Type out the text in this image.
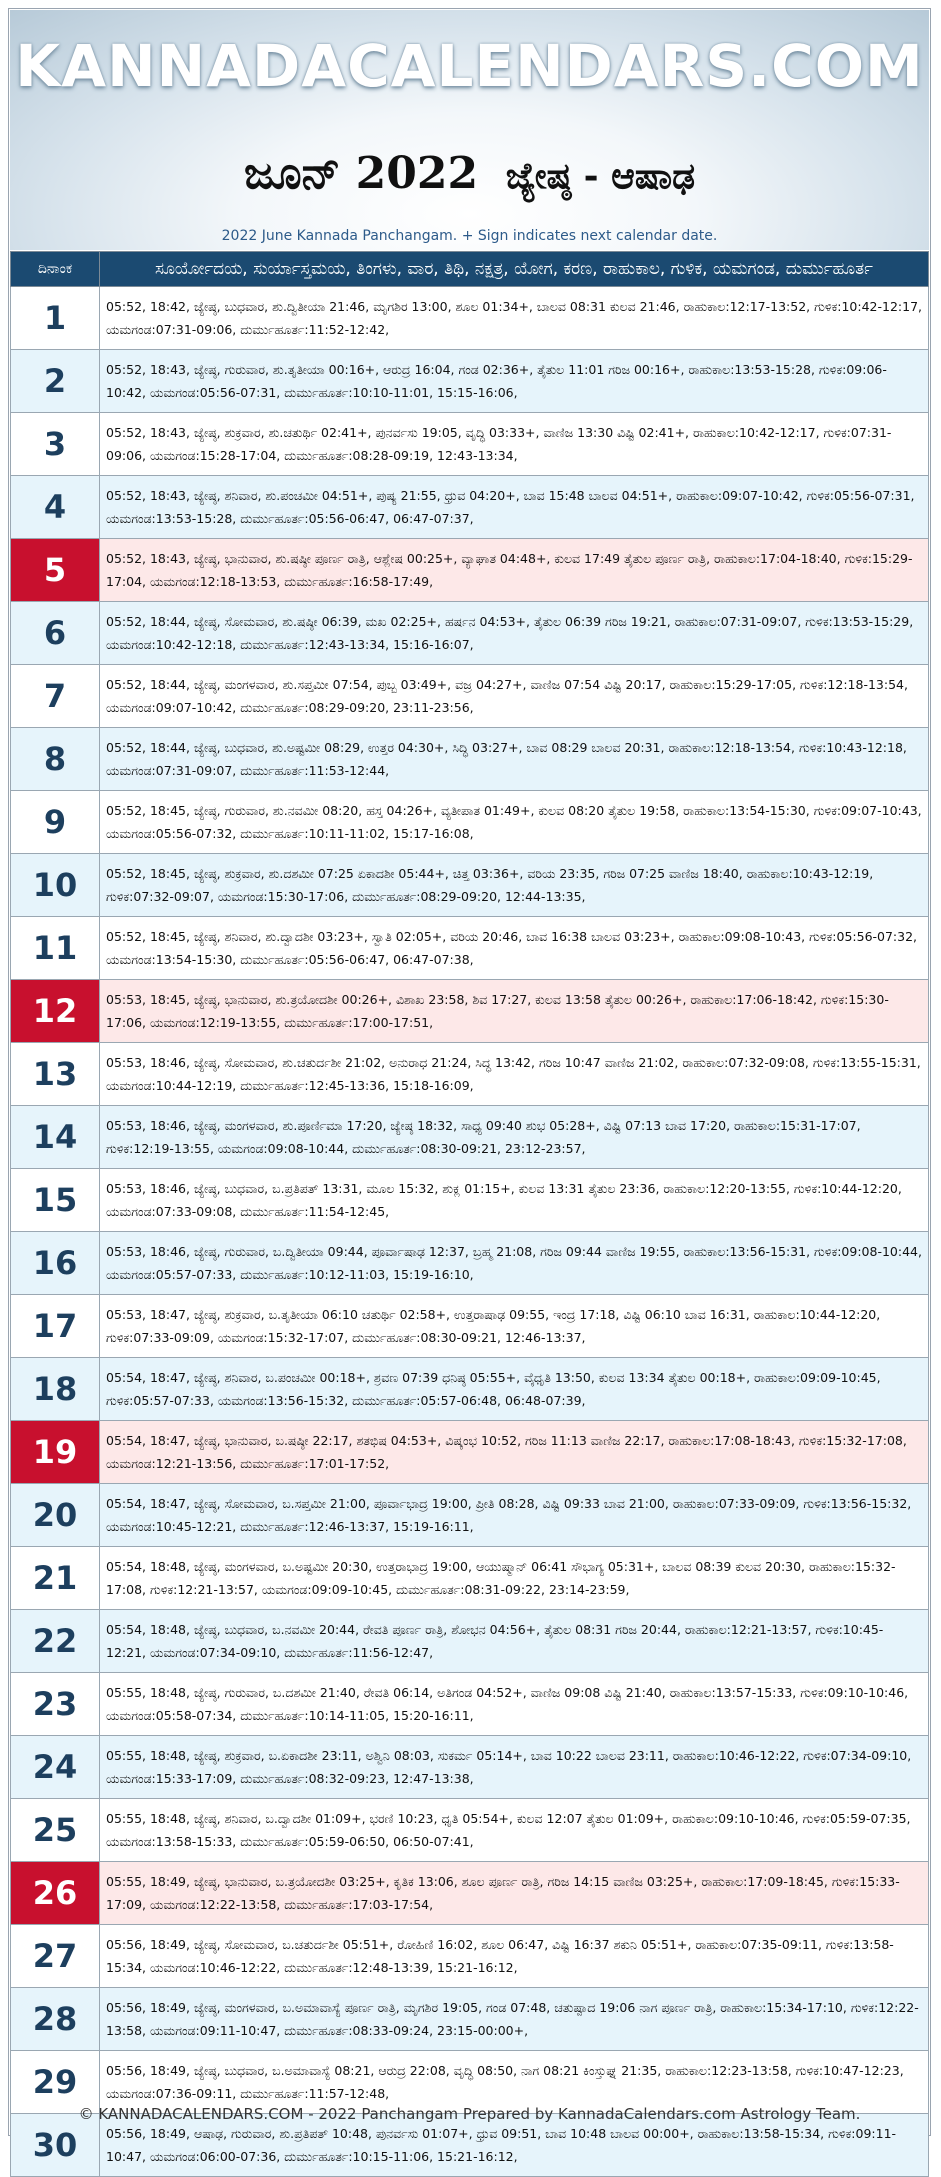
KANNADACALENDARS.COM
ಜೂನ್ 2022 ಜ್ಯೇಷ್ಠ - ಆಷಾಢ
2022 June Kannada Panchangam. + Sign indicates next calendar date.
ದಿನಾಂಕ	ಸೂರ್ಯೋದಯ, ಸುರ್ಯಾಸ್ತಮಯ, ತಿಂಗಳು, ವಾರ, ತಿಥಿ, ನಕ್ಷತ್ರ, ಯೋಗ, ಕರಣ, ರಾಹುಕಾಲ, ಗುಳಿಕ, ಯಮಗಂಡ, ದುರ್ಮುಹೂರ್ತ
1	05:52, 18:42, ಜ್ಯೇಷ್ಠ, ಬುಧವಾರ, ಶು.ದ್ವಿತೀಯಾ 21:46, ಮೃಗಶಿರ 13:00, ಶೂಲ 01:34+, ಬಾಲವ 08:31 ಕುಲವ 21:46, ರಾಹುಕಾಲ:12:17-13:52, ಗುಳಿಕ:10:42-12:17, ಯಮಗಂಡ:07:31-09:06, ದುರ್ಮುಹೂರ್ತ:11:52-12:42,
2	05:52, 18:43, ಜ್ಯೇಷ್ಠ, ಗುರುವಾರ, ಶು.ತೃತೀಯಾ 00:16+, ಆರುದ್ರ 16:04, ಗಂಡ 02:36+, ತೈತುಲ 11:01 ಗರಿಜ 00:16+, ರಾಹುಕಾಲ:13:53-15:28, ಗುಳಿಕ:09:06-10:42, ಯಮಗಂಡ:05:56-07:31, ದುರ್ಮುಹೂರ್ತ:10:10-11:01, 15:15-16:06,
3	05:52, 18:43, ಜ್ಯೇಷ್ಠ, ಶುಕ್ರವಾರ, ಶು.ಚತುರ್ಥಿ 02:41+, ಪುನರ್ವಸು 19:05, ವೃದ್ಧಿ 03:33+, ವಾಣಿಜ 13:30 ವಿಷ್ಟಿ 02:41+, ರಾಹುಕಾಲ:10:42-12:17, ಗುಳಿಕ:07:31-09:06, ಯಮಗಂಡ:15:28-17:04, ದುರ್ಮುಹೂರ್ತ:08:28-09:19, 12:43-13:34,
4	05:52, 18:43, ಜ್ಯೇಷ್ಠ, ಶನಿವಾರ, ಶು.ಪಂಚಮೀ 04:51+, ಪುಷ್ಯ 21:55, ಧ್ರುವ 04:20+, ಬಾವ 15:48 ಬಾಲವ 04:51+, ರಾಹುಕಾಲ:09:07-10:42, ಗುಳಿಕ:05:56-07:31, ಯಮಗಂಡ:13:53-15:28, ದುರ್ಮುಹೂರ್ತ:05:56-06:47, 06:47-07:37,
5	05:52, 18:43, ಜ್ಯೇಷ್ಠ, ಭಾನುವಾರ, ಶು.ಷಷ್ಠೀ ಪೂರ್ಣ ರಾತ್ರಿ, ಆಶ್ಲೇಷ 00:25+, ವ್ಯಾಘಾತ 04:48+, ಕುಲವ 17:49 ತೈತುಲ ಪೂರ್ಣ ರಾತ್ರಿ, ರಾಹುಕಾಲ:17:04-18:40, ಗುಳಿಕ:15:29-17:04, ಯಮಗಂಡ:12:18-13:53, ದುರ್ಮುಹೂರ್ತ:16:58-17:49,
6	05:52, 18:44, ಜ್ಯೇಷ್ಠ, ಸೋಮವಾರ, ಶು.ಷಷ್ಠೀ 06:39, ಮಖ 02:25+, ಹರ್ಷನ 04:53+, ತೈತುಲ 06:39 ಗರಿಜ 19:21, ರಾಹುಕಾಲ:07:31-09:07, ಗುಳಿಕ:13:53-15:29, ಯಮಗಂಡ:10:42-12:18, ದುರ್ಮುಹೂರ್ತ:12:43-13:34, 15:16-16:07,
7	05:52, 18:44, ಜ್ಯೇಷ್ಠ, ಮಂಗಳವಾರ, ಶು.ಸಪ್ತಮೀ 07:54, ಪುಬ್ಬ 03:49+, ವಜ್ರ 04:27+, ವಾಣಿಜ 07:54 ವಿಷ್ಟಿ 20:17, ರಾಹುಕಾಲ:15:29-17:05, ಗುಳಿಕ:12:18-13:54, ಯಮಗಂಡ:09:07-10:42, ದುರ್ಮುಹೂರ್ತ:08:29-09:20, 23:11-23:56,
8	05:52, 18:44, ಜ್ಯೇಷ್ಠ, ಬುಧವಾರ, ಶು.ಅಷ್ಟಮೀ 08:29, ಉತ್ತರ 04:30+, ಸಿದ್ಧಿ 03:27+, ಬಾವ 08:29 ಬಾಲವ 20:31, ರಾಹುಕಾಲ:12:18-13:54, ಗುಳಿಕ:10:43-12:18, ಯಮಗಂಡ:07:31-09:07, ದುರ್ಮುಹೂರ್ತ:11:53-12:44,
9	05:52, 18:45, ಜ್ಯೇಷ್ಠ, ಗುರುವಾರ, ಶು.ನವಮೀ 08:20, ಹಸ್ತ 04:26+, ವ್ಯತೀಪಾತ 01:49+, ಕುಲವ 08:20 ತೈತುಲ 19:58, ರಾಹುಕಾಲ:13:54-15:30, ಗುಳಿಕ:09:07-10:43, ಯಮಗಂಡ:05:56-07:32, ದುರ್ಮುಹೂರ್ತ:10:11-11:02, 15:17-16:08,
10	05:52, 18:45, ಜ್ಯೇಷ್ಠ, ಶುಕ್ರವಾರ, ಶು.ದಶಮೀ 07:25 ಏಕಾದಶೀ 05:44+, ಚಿತ್ತ 03:36+, ವರಿಯ 23:35, ಗರಿಜ 07:25 ವಾಣಿಜ 18:40, ರಾಹುಕಾಲ:10:43-12:19, ಗುಳಿಕ:07:32-09:07, ಯಮಗಂಡ:15:30-17:06, ದುರ್ಮುಹೂರ್ತ:08:29-09:20, 12:44-13:35,
11	05:52, 18:45, ಜ್ಯೇಷ್ಠ, ಶನಿವಾರ, ಶು.ದ್ವಾದಶೀ 03:23+, ಸ್ವಾತಿ 02:05+, ವರಿಯ 20:46, ಬಾವ 16:38 ಬಾಲವ 03:23+, ರಾಹುಕಾಲ:09:08-10:43, ಗುಳಿಕ:05:56-07:32, ಯಮಗಂಡ:13:54-15:30, ದುರ್ಮುಹೂರ್ತ:05:56-06:47, 06:47-07:38,
12	05:53, 18:45, ಜ್ಯೇಷ್ಠ, ಭಾನುವಾರ, ಶು.ತ್ರಯೋದಶೀ 00:26+, ವಿಶಾಖ 23:58, ಶಿವ 17:27, ಕುಲವ 13:58 ತೈತುಲ 00:26+, ರಾಹುಕಾಲ:17:06-18:42, ಗುಳಿಕ:15:30-17:06, ಯಮಗಂಡ:12:19-13:55, ದುರ್ಮುಹೂರ್ತ:17:00-17:51,
13	05:53, 18:46, ಜ್ಯೇಷ್ಠ, ಸೋಮವಾರ, ಶು.ಚತುರ್ದಶೀ 21:02, ಅನುರಾಧ 21:24, ಸಿದ್ಧ 13:42, ಗರಿಜ 10:47 ವಾಣಿಜ 21:02, ರಾಹುಕಾಲ:07:32-09:08, ಗುಳಿಕ:13:55-15:31, ಯಮಗಂಡ:10:44-12:19, ದುರ್ಮುಹೂರ್ತ:12:45-13:36, 15:18-16:09,
14	05:53, 18:46, ಜ್ಯೇಷ್ಠ, ಮಂಗಳವಾರ, ಶು.ಪೂರ್ಣಿಮಾ 17:20, ಜ್ಯೇಷ್ಠ 18:32, ಸಾಧ್ಯ 09:40 ಶುಭ 05:28+, ವಿಷ್ಟಿ 07:13 ಬಾವ 17:20, ರಾಹುಕಾಲ:15:31-17:07, ಗುಳಿಕ:12:19-13:55, ಯಮಗಂಡ:09:08-10:44, ದುರ್ಮುಹೂರ್ತ:08:30-09:21, 23:12-23:57,
15	05:53, 18:46, ಜ್ಯೇಷ್ಠ, ಬುಧವಾರ, ಬ.ಪ್ರತಿಪತ್ 13:31, ಮೂಲ 15:32, ಶುಕ್ಲ 01:15+, ಕುಲವ 13:31 ತೈತುಲ 23:36, ರಾಹುಕಾಲ:12:20-13:55, ಗುಳಿಕ:10:44-12:20, ಯಮಗಂಡ:07:33-09:08, ದುರ್ಮುಹೂರ್ತ:11:54-12:45,
16	05:53, 18:46, ಜ್ಯೇಷ್ಠ, ಗುರುವಾರ, ಬ.ದ್ವಿತೀಯಾ 09:44, ಪೂರ್ವಾಷಾಢ 12:37, ಬ್ರಹ್ಮ 21:08, ಗರಿಜ 09:44 ವಾಣಿಜ 19:55, ರಾಹುಕಾಲ:13:56-15:31, ಗುಳಿಕ:09:08-10:44, ಯಮಗಂಡ:05:57-07:33, ದುರ್ಮುಹೂರ್ತ:10:12-11:03, 15:19-16:10,
17	05:53, 18:47, ಜ್ಯೇಷ್ಠ, ಶುಕ್ರವಾರ, ಬ.ತೃತೀಯಾ 06:10 ಚತುರ್ಥಿ 02:58+, ಉತ್ತರಾಷಾಢ 09:55, ಇಂದ್ರ 17:18, ವಿಷ್ಟಿ 06:10 ಬಾವ 16:31, ರಾಹುಕಾಲ:10:44-12:20, ಗುಳಿಕ:07:33-09:09, ಯಮಗಂಡ:15:32-17:07, ದುರ್ಮುಹೂರ್ತ:08:30-09:21, 12:46-13:37,
18	05:54, 18:47, ಜ್ಯೇಷ್ಠ, ಶನಿವಾರ, ಬ.ಪಂಚಮೀ 00:18+, ಶ್ರವಣ 07:39 ಧನಿಷ್ಠ 05:55+, ವೈಧೃತಿ 13:50, ಕುಲವ 13:34 ತೈತುಲ 00:18+, ರಾಹುಕಾಲ:09:09-10:45, ಗುಳಿಕ:05:57-07:33, ಯಮಗಂಡ:13:56-15:32, ದುರ್ಮುಹೂರ್ತ:05:57-06:48, 06:48-07:39,
19	05:54, 18:47, ಜ್ಯೇಷ್ಠ, ಭಾನುವಾರ, ಬ.ಷಷ್ಠೀ 22:17, ಶತಭಿಷ 04:53+, ವಿಷ್ಕಂಭ 10:52, ಗರಿಜ 11:13 ವಾಣಿಜ 22:17, ರಾಹುಕಾಲ:17:08-18:43, ಗುಳಿಕ:15:32-17:08, ಯಮಗಂಡ:12:21-13:56, ದುರ್ಮುಹೂರ್ತ:17:01-17:52,
20	05:54, 18:47, ಜ್ಯೇಷ್ಠ, ಸೋಮವಾರ, ಬ.ಸಪ್ತಮೀ 21:00, ಪೂರ್ವಾಭಾದ್ರ 19:00, ಪ್ರೀತಿ 08:28, ವಿಷ್ಟಿ 09:33 ಬಾವ 21:00, ರಾಹುಕಾಲ:07:33-09:09, ಗುಳಿಕ:13:56-15:32, ಯಮಗಂಡ:10:45-12:21, ದುರ್ಮುಹೂರ್ತ:12:46-13:37, 15:19-16:11,
21	05:54, 18:48, ಜ್ಯೇಷ್ಠ, ಮಂಗಳವಾರ, ಬ.ಅಷ್ಟಮೀ 20:30, ಉತ್ತರಾಭಾದ್ರ 19:00, ಆಯುಷ್ಮಾನ್ 06:41 ಸೌಭಾಗ್ಯ 05:31+, ಬಾಲವ 08:39 ಕುಲವ 20:30, ರಾಹುಕಾಲ:15:32-17:08, ಗುಳಿಕ:12:21-13:57, ಯಮಗಂಡ:09:09-10:45, ದುರ್ಮುಹೂರ್ತ:08:31-09:22, 23:14-23:59,
22	05:54, 18:48, ಜ್ಯೇಷ್ಠ, ಬುಧವಾರ, ಬ.ನವಮೀ 20:44, ರೇವತಿ ಪೂರ್ಣ ರಾತ್ರಿ, ಶೋಭನ 04:56+, ತೈತುಲ 08:31 ಗರಿಜ 20:44, ರಾಹುಕಾಲ:12:21-13:57, ಗುಳಿಕ:10:45-12:21, ಯಮಗಂಡ:07:34-09:10, ದುರ್ಮುಹೂರ್ತ:11:56-12:47,
23	05:55, 18:48, ಜ್ಯೇಷ್ಠ, ಗುರುವಾರ, ಬ.ದಶಮೀ 21:40, ರೇವತಿ 06:14, ಅತಿಗಂಡ 04:52+, ವಾಣಿಜ 09:08 ವಿಷ್ಟಿ 21:40, ರಾಹುಕಾಲ:13:57-15:33, ಗುಳಿಕ:09:10-10:46, ಯಮಗಂಡ:05:58-07:34, ದುರ್ಮುಹೂರ್ತ:10:14-11:05, 15:20-16:11,
24	05:55, 18:48, ಜ್ಯೇಷ್ಠ, ಶುಕ್ರವಾರ, ಬ.ಏಕಾದಶೀ 23:11, ಅಶ್ವಿನಿ 08:03, ಸುಕರ್ಮ 05:14+, ಬಾವ 10:22 ಬಾಲವ 23:11, ರಾಹುಕಾಲ:10:46-12:22, ಗುಳಿಕ:07:34-09:10, ಯಮಗಂಡ:15:33-17:09, ದುರ್ಮುಹೂರ್ತ:08:32-09:23, 12:47-13:38,
25	05:55, 18:48, ಜ್ಯೇಷ್ಠ, ಶನಿವಾರ, ಬ.ದ್ವಾದಶೀ 01:09+, ಭರಣಿ 10:23, ಧೃತಿ 05:54+, ಕುಲವ 12:07 ತೈತುಲ 01:09+, ರಾಹುಕಾಲ:09:10-10:46, ಗುಳಿಕ:05:59-07:35, ಯಮಗಂಡ:13:58-15:33, ದುರ್ಮುಹೂರ್ತ:05:59-06:50, 06:50-07:41,
26	05:55, 18:49, ಜ್ಯೇಷ್ಠ, ಭಾನುವಾರ, ಬ.ತ್ರಯೋದಶೀ 03:25+, ಕೃತಿಕ 13:06, ಶೂಲ ಪೂರ್ಣ ರಾತ್ರಿ, ಗರಿಜ 14:15 ವಾಣಿಜ 03:25+, ರಾಹುಕಾಲ:17:09-18:45, ಗುಳಿಕ:15:33-17:09, ಯಮಗಂಡ:12:22-13:58, ದುರ್ಮುಹೂರ್ತ:17:03-17:54,
27	05:56, 18:49, ಜ್ಯೇಷ್ಠ, ಸೋಮವಾರ, ಬ.ಚತುರ್ದಶೀ 05:51+, ರೋಹಿಣಿ 16:02, ಶೂಲ 06:47, ವಿಷ್ಟಿ 16:37 ಶಕುನಿ 05:51+, ರಾಹುಕಾಲ:07:35-09:11, ಗುಳಿಕ:13:58-15:34, ಯಮಗಂಡ:10:46-12:22, ದುರ್ಮುಹೂರ್ತ:12:48-13:39, 15:21-16:12,
28	05:56, 18:49, ಜ್ಯೇಷ್ಠ, ಮಂಗಳವಾರ, ಬ.ಅಮಾವಾಸ್ಯೆ ಪೂರ್ಣ ರಾತ್ರಿ, ಮೃಗಶಿರ 19:05, ಗಂಡ 07:48, ಚತುಷ್ಪಾದ 19:06 ನಾಗ ಪೂರ್ಣ ರಾತ್ರಿ, ರಾಹುಕಾಲ:15:34-17:10, ಗುಳಿಕ:12:22-13:58, ಯಮಗಂಡ:09:11-10:47, ದುರ್ಮುಹೂರ್ತ:08:33-09:24, 23:15-00:00+,
29	05:56, 18:49, ಜ್ಯೇಷ್ಠ, ಬುಧವಾರ, ಬ.ಅಮಾವಾಸ್ಯೆ 08:21, ಆರುದ್ರ 22:08, ವೃದ್ಧಿ 08:50, ನಾಗ 08:21 ಕಿಂಸ್ತುಘ್ನ 21:35, ರಾಹುಕಾಲ:12:23-13:58, ಗುಳಿಕ:10:47-12:23, ಯಮಗಂಡ:07:36-09:11, ದುರ್ಮುಹೂರ್ತ:11:57-12:48,
30	05:56, 18:49, ಆಷಾಢ, ಗುರುವಾರ, ಶು.ಪ್ರತಿಪತ್ 10:48, ಪುನರ್ವಸು 01:07+, ಧ್ರುವ 09:51, ಬಾವ 10:48 ಬಾಲವ 00:00+, ರಾಹುಕಾಲ:13:58-15:34, ಗುಳಿಕ:09:11-10:47, ಯಮಗಂಡ:06:00-07:36, ದುರ್ಮುಹೂರ್ತ:10:15-11:06, 15:21-16:12,
© KANNADACALENDARS.COM - 2022 Panchangam Prepared by KannadaCalendars.com Astrology Team.
